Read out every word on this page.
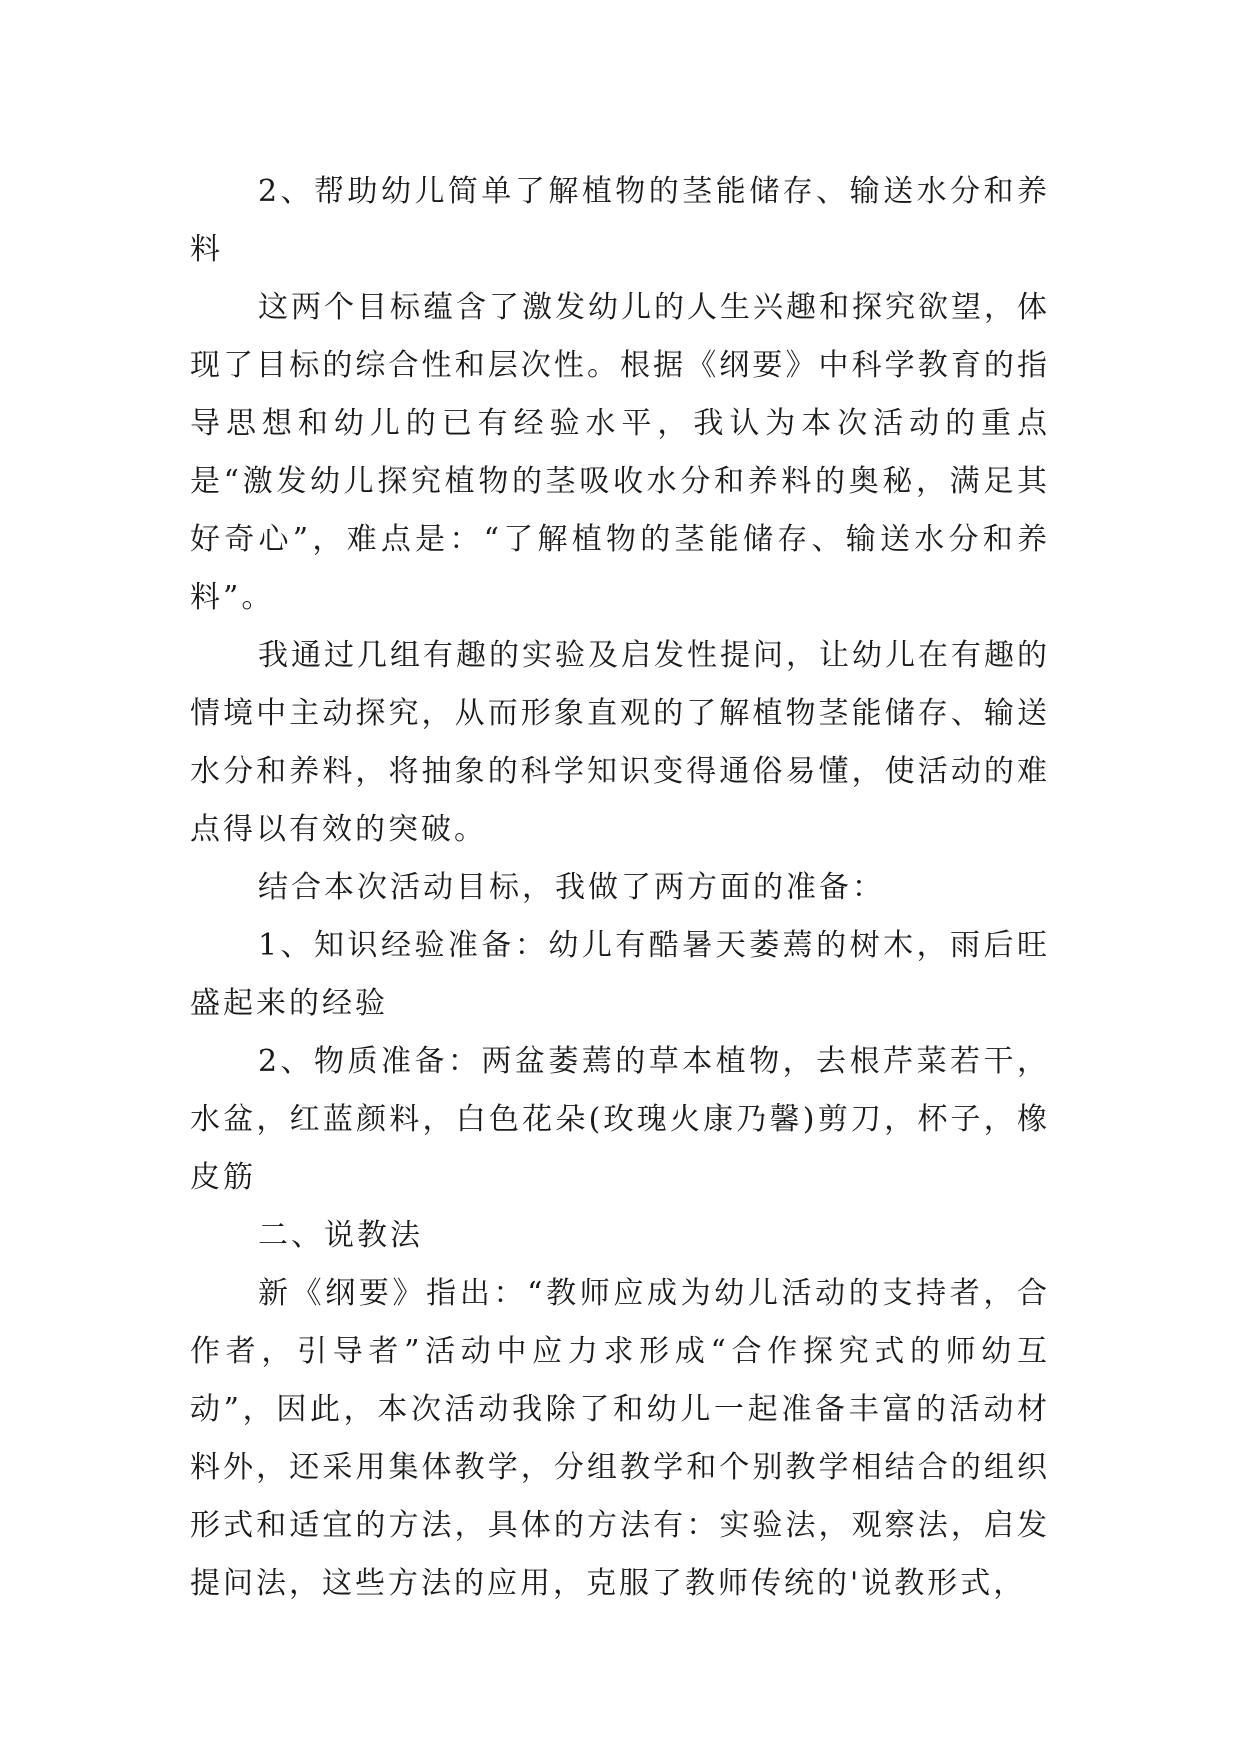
2、帮助幼儿简单了解植物的茎能储存、输送水分和养料

这两个目标蕴含了激发幼儿的人生兴趣和探究欲望，体现了目标的综合性和层次性。根据《纲要》中科学教育的指导思想和幼儿的已有经验水平，我认为本次活动的重点是“激发幼儿探究植物的茎吸收水分和养料的奥秘，满足其好奇心”，难点是：“了解植物的茎能储存、输送水分和养料”。

我通过几组有趣的实验及启发性提问，让幼儿在有趣的情境中主动探究，从而形象直观的了解植物茎能储存、输送水分和养料，将抽象的科学知识变得通俗易懂，使活动的难点得以有效的突破。

结合本次活动目标，我做了两方面的准备：

1、知识经验准备：幼儿有酷暑天萎蔫的树木，雨后旺盛起来的经验

2、物质准备：两盆萎蔫的草本植物，去根芹菜若干，水盆，红蓝颜料，白色花朵(玫瑰火康乃馨)剪刀，杯子，橡皮筋

二、说教法

新《纲要》指出：“教师应成为幼儿活动的支持者，合作者，引导者”活动中应力求形成“合作探究式的师幼互动”，因此，本次活动我除了和幼儿一起准备丰富的活动材料外，还采用集体教学，分组教学和个别教学相结合的组织形式和适宜的方法，具体的方法有：实验法，观察法，启发提问法，这些方法的应用，克服了教师传统的'说教形式，
